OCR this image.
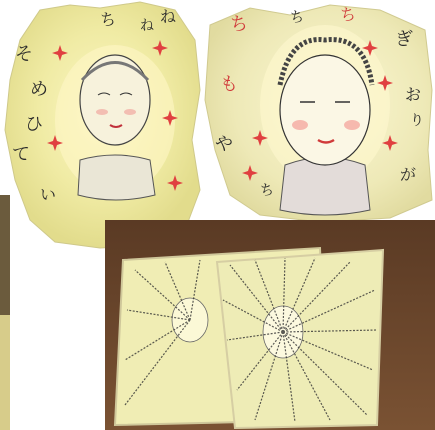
ち	ね
そ
め
ひ
て
い
ね	ち	ち ち
ぎ
も
や
お
り
が
ち
